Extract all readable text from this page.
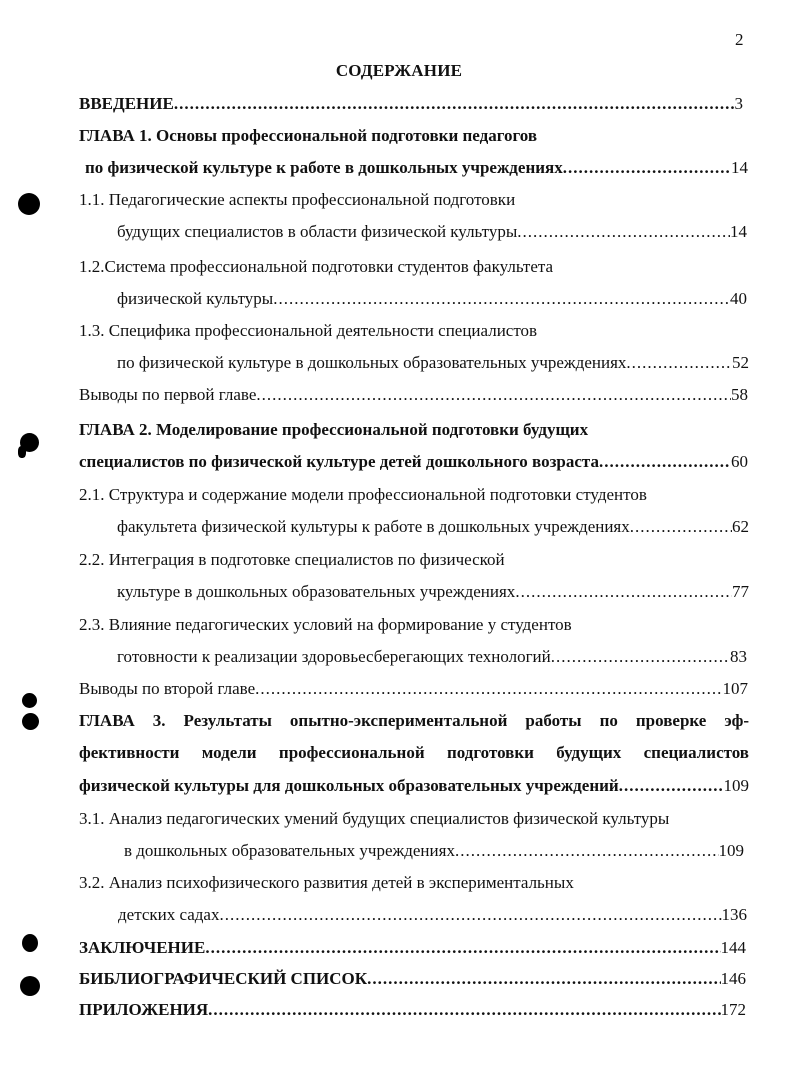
2
СОДЕРЖАНИЕ
ВВЕДЕНИЕ .....	3
ГЛАВА 1. Основы профессиональной подготовки педагогов
по физической культуре к работе в дошкольных учреждениях .....	14
1.1. Педагогические аспекты профессиональной подготовки
будущих специалистов в области физической культуры .....	14
1.2.Система профессиональной подготовки студентов факультета
физической культуры .....	40
1.3. Специфика профессиональной деятельности специалистов
по физической культуре в дошкольных образовательных учреждениях .....	52
Выводы по первой главе .....	58
ГЛАВА 2. Моделирование профессиональной подготовки будущих
специалистов по физической культуре детей дошкольного возраста .....	60
2.1. Структура и содержание модели профессиональной подготовки студентов
факультета физической культуры к работе в дошкольных учреждениях .....	62
2.2. Интеграция в подготовке специалистов по физической
культуре в дошкольных образовательных учреждениях .....	77
2.3. Влияние педагогических условий на формирование у студентов
готовности к реализации здоровьесберегающих технологий .....	83
Выводы по второй главе .....	107
ГЛАВА 3. Результаты опытно-экспериментальной работы по проверке эф-
фективности модели профессиональной подготовки будущих специалистов
физической культуры для дошкольных образовательных учреждений .....	109
3.1. Анализ педагогических умений будущих специалистов физической культуры
в дошкольных образовательных учреждениях .....	109
3.2. Анализ психофизического развития детей в экспериментальных
детских садах .....	136
ЗАКЛЮЧЕНИЕ .....	144
БИБЛИОГРАФИЧЕСКИЙ СПИСОК .....	146
ПРИЛОЖЕНИЯ .....	172
